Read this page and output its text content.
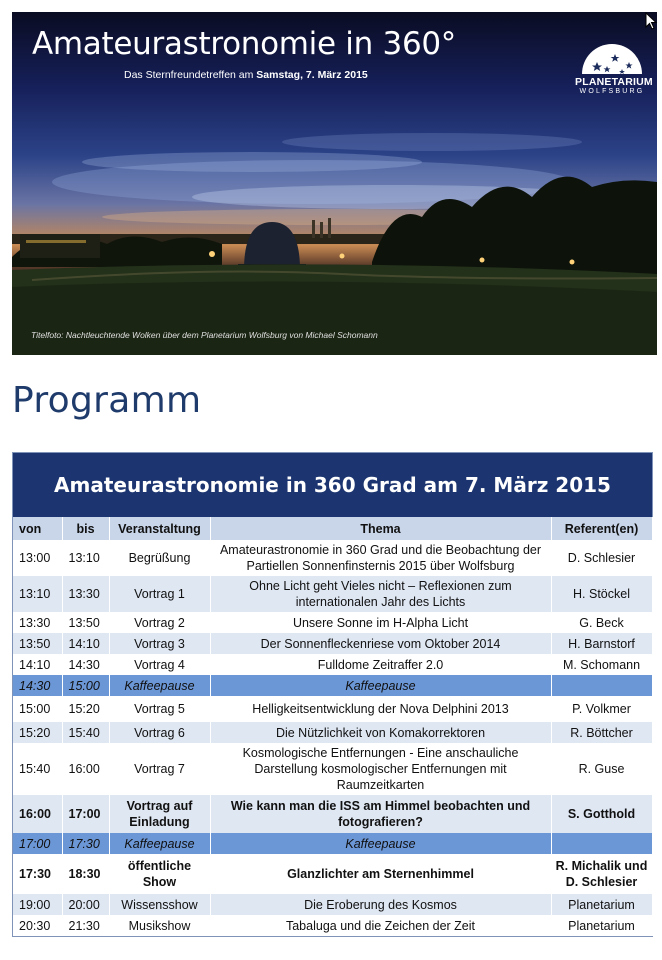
Amateurastronomie in 360°
Das Sternfreundetreffen am Samstag, 7. März 2015
PLANETARIUM
WOLFSBURG
Titelfoto: Nachtleuchtende Wolken über dem Planetarium Wolfsburg von Michael Schomann
Programm
Amateurastronomie in 360 Grad am 7. März 2015
von	bis	Veranstaltung	Thema	Referent(en)
13:00	13:10	Begrüßung	Amateurastronomie in 360 Grad und die Beobachtung der Partiellen Sonnenfinsternis 2015 über Wolfsburg	D. Schlesier
13:10	13:30	Vortrag 1	Ohne Licht geht Vieles nicht – Reflexionen zum internationalen Jahr des Lichts	H. Stöckel
13:30	13:50	Vortrag 2	Unsere Sonne im H-Alpha Licht	G. Beck
13:50	14:10	Vortrag 3	Der Sonnenfleckenriese vom Oktober 2014	H. Barnstorf
14:10	14:30	Vortrag 4	Fulldome Zeitraffer 2.0	M. Schomann
14:30	15:00	Kaffeepause	Kaffeepause	
15:00	15:20	Vortrag 5	Helligkeitsentwicklung der Nova Delphini 2013	P. Volkmer
15:20	15:40	Vortrag 6	Die Nützlichkeit von Komakorrektoren	R. Böttcher
15:40	16:00	Vortrag 7	Kosmologische Entfernungen - Eine anschauliche Darstellung kosmologischer Entfernungen mit Raumzeitkarten	R. Guse
16:00	17:00	Vortrag auf Einladung	Wie kann man die ISS am Himmel beobachten und fotografieren?	S. Gotthold
17:00	17:30	Kaffeepause	Kaffeepause	
17:30	18:30	öffentliche Show	Glanzlichter am Sternenhimmel	R. Michalik und D. Schlesier
19:00	20:00	Wissensshow	Die Eroberung des Kosmos	Planetarium
20:30	21:30	Musikshow	Tabaluga und die Zeichen der Zeit	Planetarium
